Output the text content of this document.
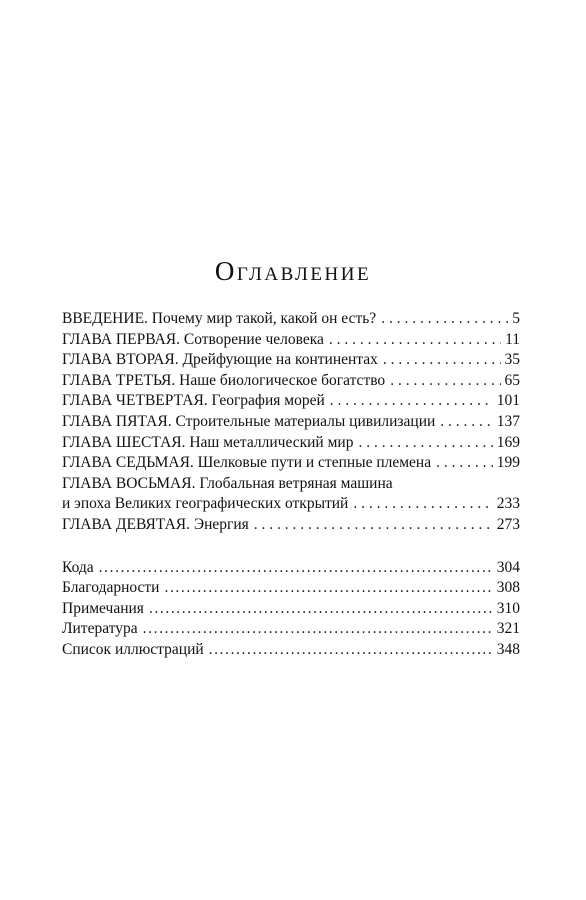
Оглавление
ВВЕДЕНИЕ. Почему мир такой, какой он есть? . . .	5
ГЛАВА ПЕРВАЯ. Сотворение человека . . .	11
ГЛАВА ВТОРАЯ. Дрейфующие на континентах . . .	35
ГЛАВА ТРЕТЬЯ. Наше биологическое богатство . . .	65
ГЛАВА ЧЕТВЕРТАЯ. География морей . . .	101
ГЛАВА ПЯТАЯ. Строительные материалы цивилизации . . .	137
ГЛАВА ШЕСТАЯ. Наш металлический мир . . .	169
ГЛАВА СЕДЬМАЯ. Шелковые пути и степные племена . . .	199
ГЛАВА ВОСЬМАЯ. Глобальная ветряная машина
и эпоха Великих географических открытий . . .	233
ГЛАВА ДЕВЯТАЯ. Энергия . . .	273
Кода .....	304
Благодарности .....	308
Примечания .....	310
Литература .....	321
Список иллюстраций .....	348
